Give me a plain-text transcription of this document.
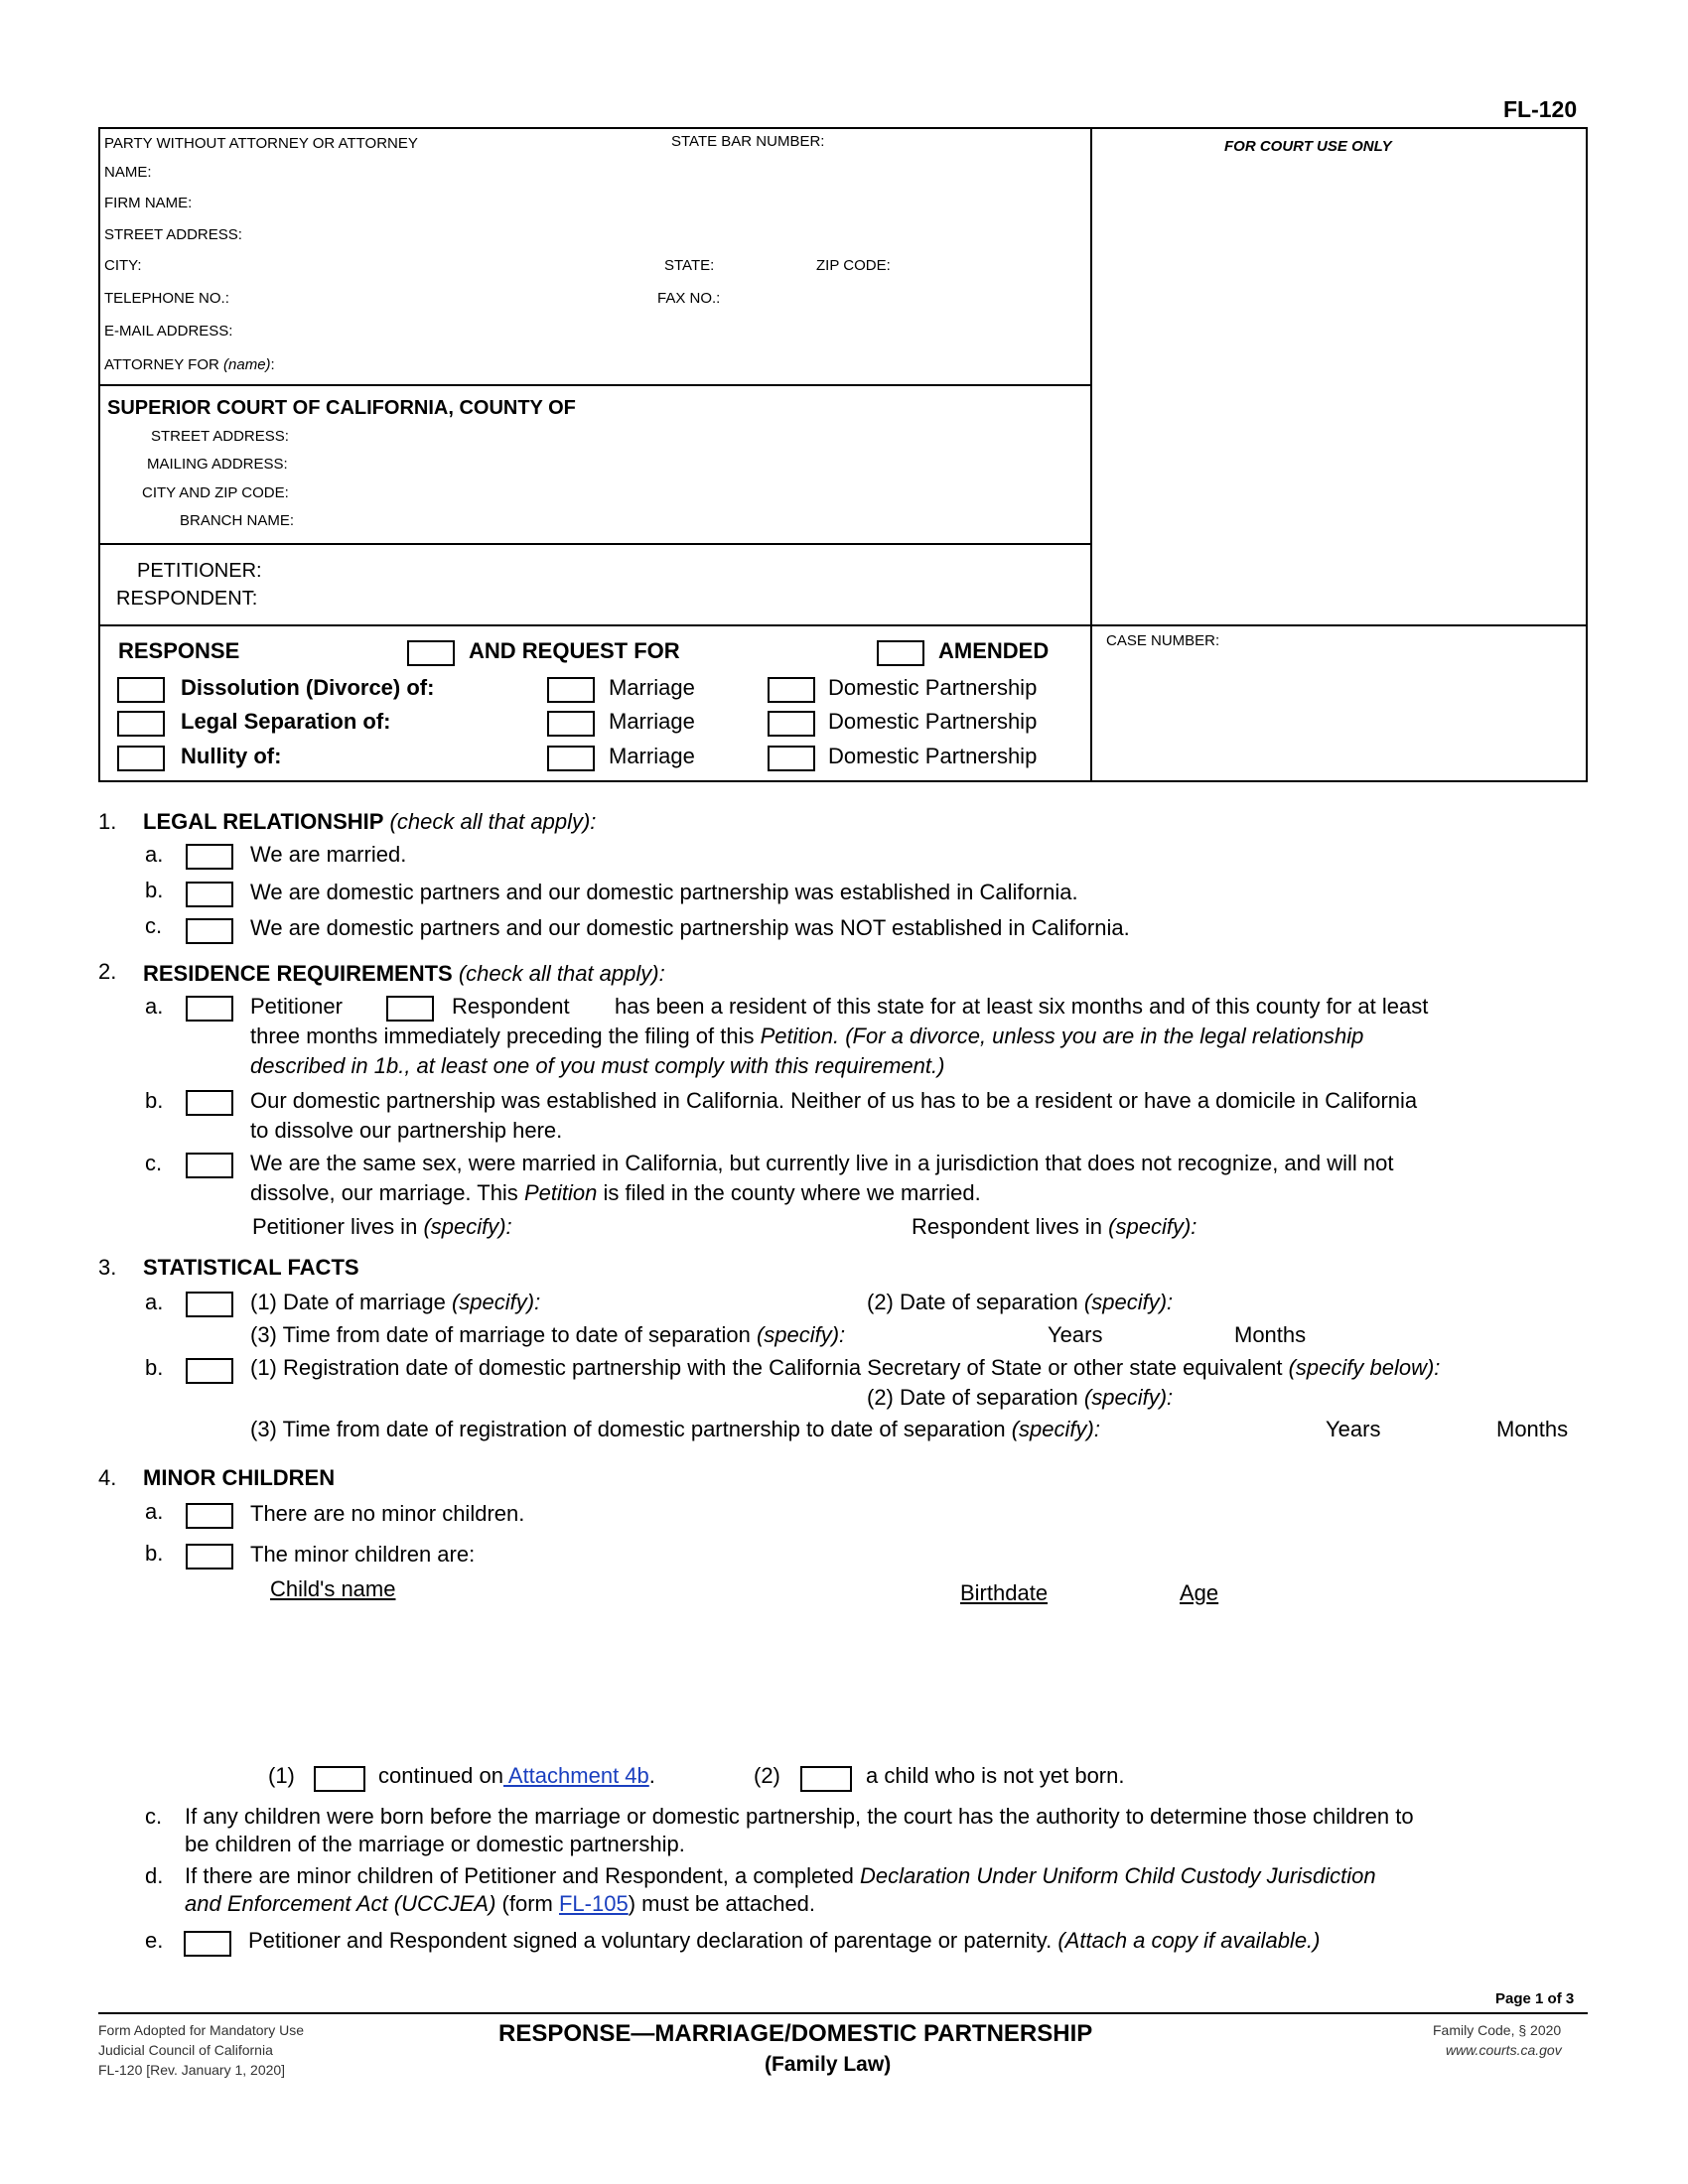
FL-120
PARTY WITHOUT ATTORNEY OR ATTORNEY	STATE BAR NUMBER:
NAME:
FIRM NAME:
STREET ADDRESS:
CITY:	STATE:	ZIP CODE:
TELEPHONE NO.:	FAX NO.:
E-MAIL ADDRESS:
ATTORNEY FOR (name):
FOR COURT USE ONLY
SUPERIOR COURT OF CALIFORNIA, COUNTY OF
STREET ADDRESS:
MAILING ADDRESS:
CITY AND ZIP CODE:
BRANCH NAME:
PETITIONER:
RESPONDENT:
CASE NUMBER:
RESPONSE	AND REQUEST FOR	AMENDED
Dissolution (Divorce) of:	Marriage	Domestic Partnership
Legal Separation of:	Marriage	Domestic Partnership
Nullity of:	Marriage	Domestic Partnership
1. LEGAL RELATIONSHIP (check all that apply):
a.	We are married.
b.	We are domestic partners and our domestic partnership was established in California.
c.	We are domestic partners and our domestic partnership was NOT established in California.
2. RESIDENCE REQUIREMENTS (check all that apply):
a.	Petitioner	Respondent has been a resident of this state for at least six months and of this county for at least
three months immediately preceding the filing of this Petition. (For a divorce, unless you are in the legal relationship
described in 1b., at least one of you must comply with this requirement.)
b.	Our domestic partnership was established in California. Neither of us has to be a resident or have a domicile in California
to dissolve our partnership here.
c.	We are the same sex, were married in California, but currently live in a jurisdiction that does not recognize, and will not
dissolve, our marriage. This Petition is filed in the county where we married.
Petitioner lives in (specify):	Respondent lives in (specify):
3. STATISTICAL FACTS
a.	(1) Date of marriage (specify):	(2) Date of separation (specify):
(3) Time from date of marriage to date of separation (specify):	Years	Months
b.	(1) Registration date of domestic partnership with the California Secretary of State or other state equivalent (specify below):
(2) Date of separation (specify):
(3) Time from date of registration of domestic partnership to date of separation (specify):	Years	Months
4. MINOR CHILDREN
a.	There are no minor children.
b.	The minor children are:
Child's name	Birthdate	Age
(1)	continued on Attachment 4b.	(2)	a child who is not yet born.
c. If any children were born before the marriage or domestic partnership, the court has the authority to determine those children to
be children of the marriage or domestic partnership.
d. If there are minor children of Petitioner and Respondent, a completed Declaration Under Uniform Child Custody Jurisdiction
and Enforcement Act (UCCJEA) (form FL-105) must be attached.
e.	Petitioner and Respondent signed a voluntary declaration of parentage or paternity. (Attach a copy if available.)
Page 1 of 3
Form Adopted for Mandatory Use
Judicial Council of California
FL-120 [Rev. January 1, 2020]
RESPONSE—MARRIAGE/DOMESTIC PARTNERSHIP
(Family Law)
Family Code, § 2020
www.courts.ca.gov
